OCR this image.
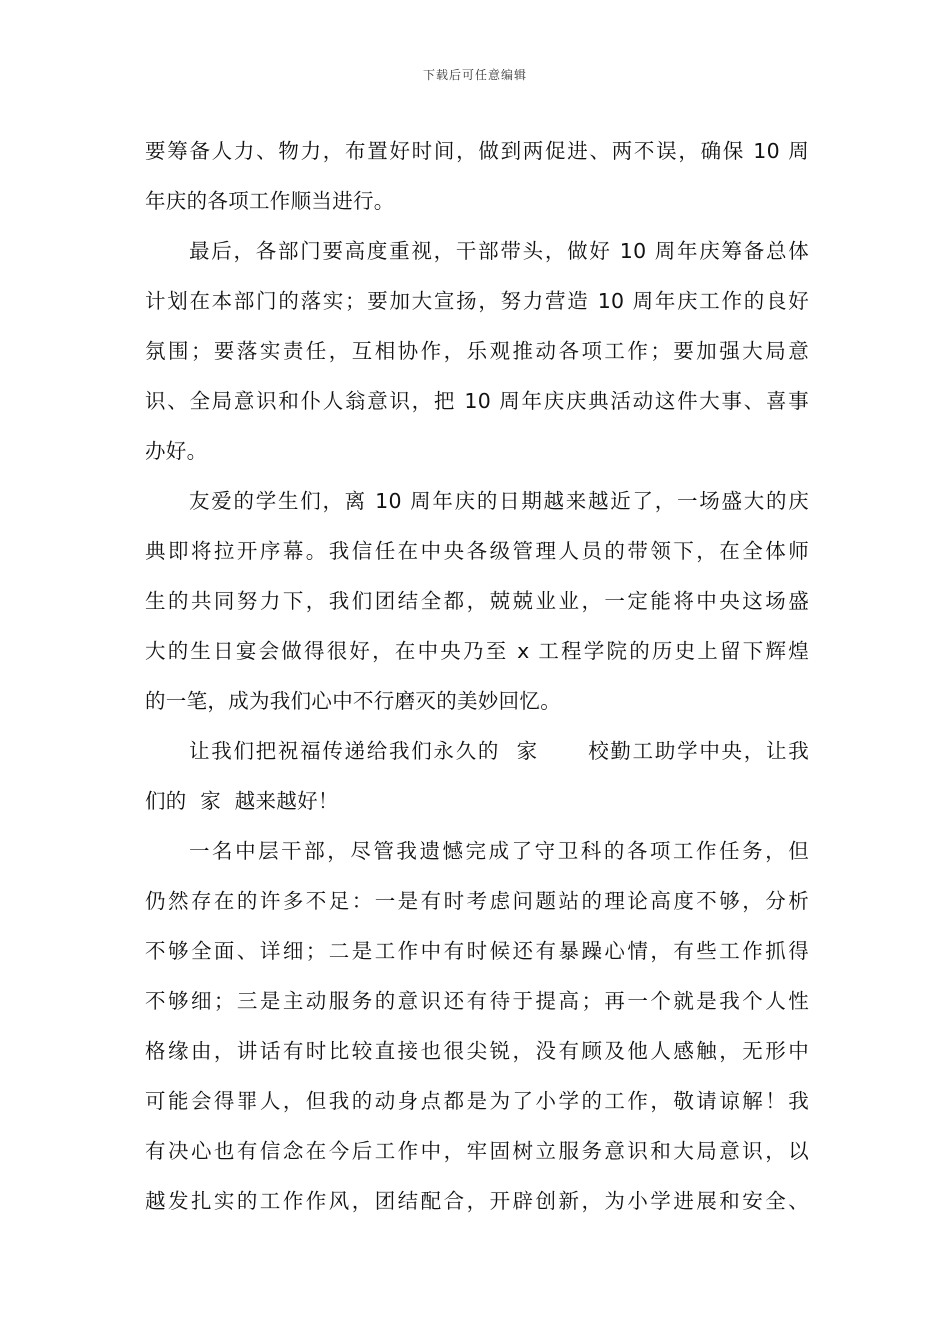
下载后可任意编辑
要筹备人力、物力，布置好时间，做到两促进、两不误，确保 10 周
年庆的各项工作顺当进行。
最后，各部门要高度重视，干部带头，做好 10 周年庆筹备总体
计划在本部门的落实；要加大宣扬，努力营造 10 周年庆工作的良好
氛围；要落实责任，互相协作，乐观推动各项工作；要加强大局意
识、全局意识和仆人翁意识，把 10 周年庆庆典活动这件大事、喜事
办好。
友爱的学生们，离 10 周年庆的日期越来越近了，一场盛大的庆
典即将拉开序幕。我信任在中央各级管理人员的带领下，在全体师
生的共同努力下，我们团结全都，兢兢业业，一定能将中央这场盛
大的生日宴会做得很好，在中央乃至 x 工程学院的历史上留下辉煌
的一笔，成为我们心中不行磨灭的美妙回忆。
让我们把祝福传递给我们永久的  家      校勤工助学中央，让我
们的  家  越来越好！
一名中层干部，尽管我遗憾完成了守卫科的各项工作任务，但
仍然存在的许多不足：一是有时考虑问题站的理论高度不够，分析
不够全面、详细；二是工作中有时候还有暴躁心情，有些工作抓得
不够细；三是主动服务的意识还有待于提高；再一个就是我个人性
格缘由，讲话有时比较直接也很尖锐，没有顾及他人感触，无形中
可能会得罪人，但我的动身点都是为了小学的工作，敬请谅解！我
有决心也有信念在今后工作中，牢固树立服务意识和大局意识，以
越发扎实的工作作风，团结配合，开辟创新，为小学进展和安全、
